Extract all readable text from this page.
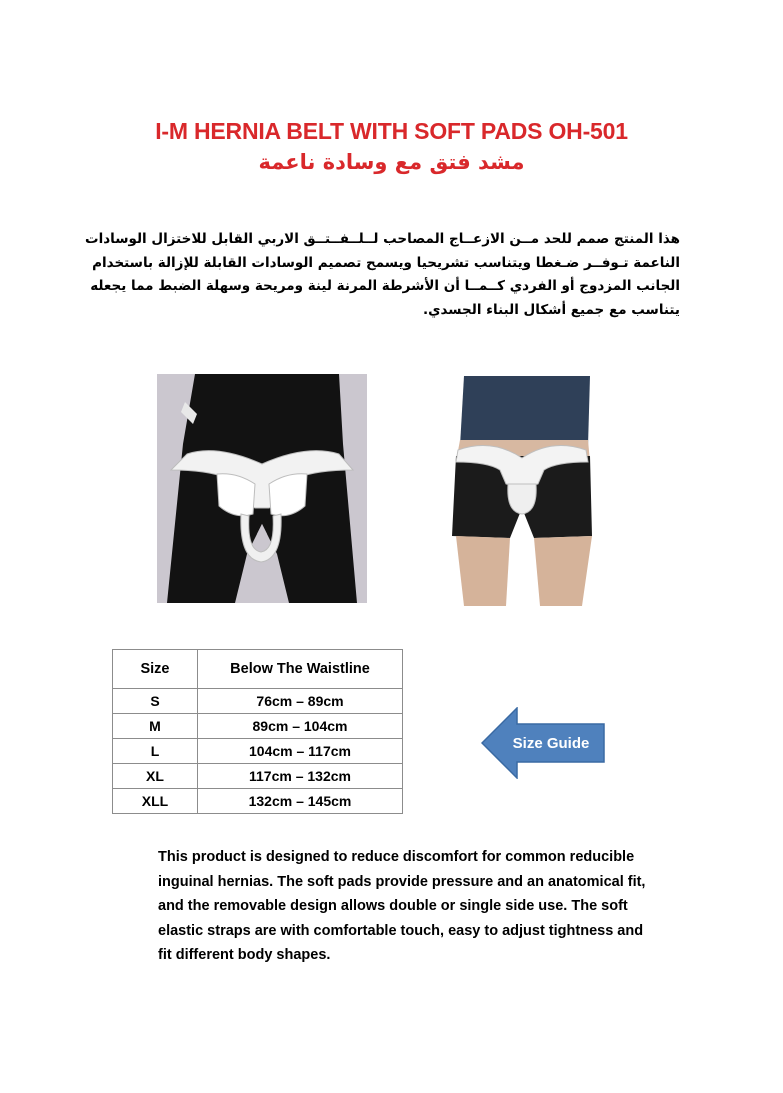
I-M HERNIA BELT WITH SOFT PADS OH-501
مشد فتق مع وسادة ناعمة
هذا المنتج صمم للحد مــن الازعــاج المصاحب لــلــفــتــق الاربي القابل للاختزال الوسادات
الناعمة تـوفــر ضـغطا ويتناسب تشريحيا ويسمح تصميم الوسادات القابلة للإزالة باستخدام
الجانب المزدوج أو الفردي كــمــا أن الأشرطة المرنة لينة ومريحة وسهلة الضبط مما يجعله
يتناسب مع جميع أشكال البناء الجسدي.
Size	Below The Waistline
S	76cm – 89cm
M	89cm – 104cm
L	104cm – 117cm
XL	117cm – 132cm
XLL	132cm – 145cm
Size Guide
This product is designed to reduce discomfort for common reducible
inguinal hernias. The soft pads provide pressure and an anatomical fit,
and the removable design allows double or single side use. The soft
elastic straps are with comfortable touch, easy to adjust tightness and
fit different body shapes.
